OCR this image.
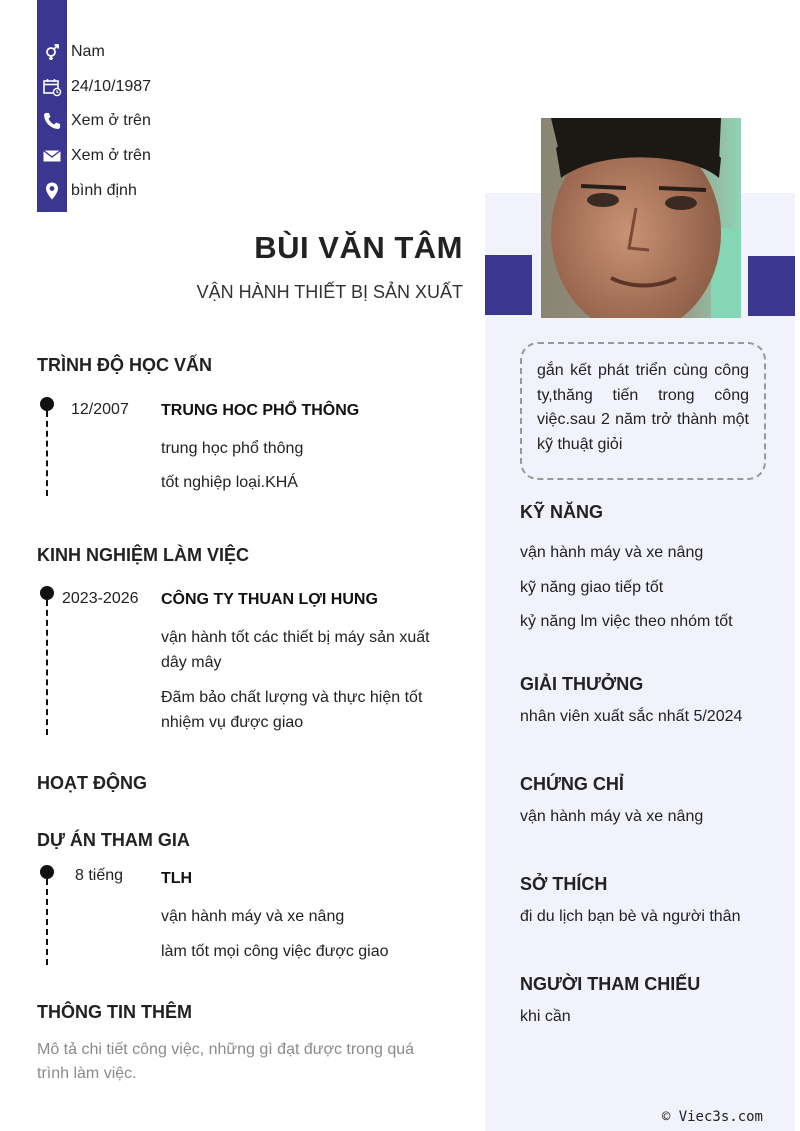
Nam
24/10/1987
Xem ở trên
Xem ở trên
bình định
BÙI VĂN TÂM
VẬN HÀNH THIẾT BỊ SẢN XUẤT
TRÌNH ĐỘ HỌC VẤN
12/2007 TRUNG HOC PHỔ THÔNG
trung học phổ thông
tốt nghiệp loại.KHÁ
KINH NGHIỆM LÀM VIỆC
2023-2026 CÔNG TY THUAN LỢI HUNG
vận hành tốt các thiết bị máy sản xuất dây mây
Đãm bảo chất lượng và thực hiện tốt nhiệm vụ được giao
HOẠT ĐỘNG
DỰ ÁN THAM GIA
8 tiếng TLH
vận hành máy và xe nâng
làm tốt mọi công việc được giao
THÔNG TIN THÊM
Mô tả chi tiết công việc, những gì đạt được trong quá trình làm việc.

gắn kết phát triển cùng công ty,thăng tiến trong công việc.sau 2 năm trở thành một kỹ thuật giỏi

KỸ NĂNG
vận hành máy và xe nâng
kỹ năng giao tiếp tốt
kỷ năng lm việc theo nhóm tốt
GIẢI THƯỞNG
nhân viên xuất sắc nhất 5/2024
CHỨNG CHỈ
vận hành máy và xe nâng
SỞ THÍCH
đi du lịch bạn bè và người thân
NGƯỜI THAM CHIẾU
khi cần
© Viec3s.com
